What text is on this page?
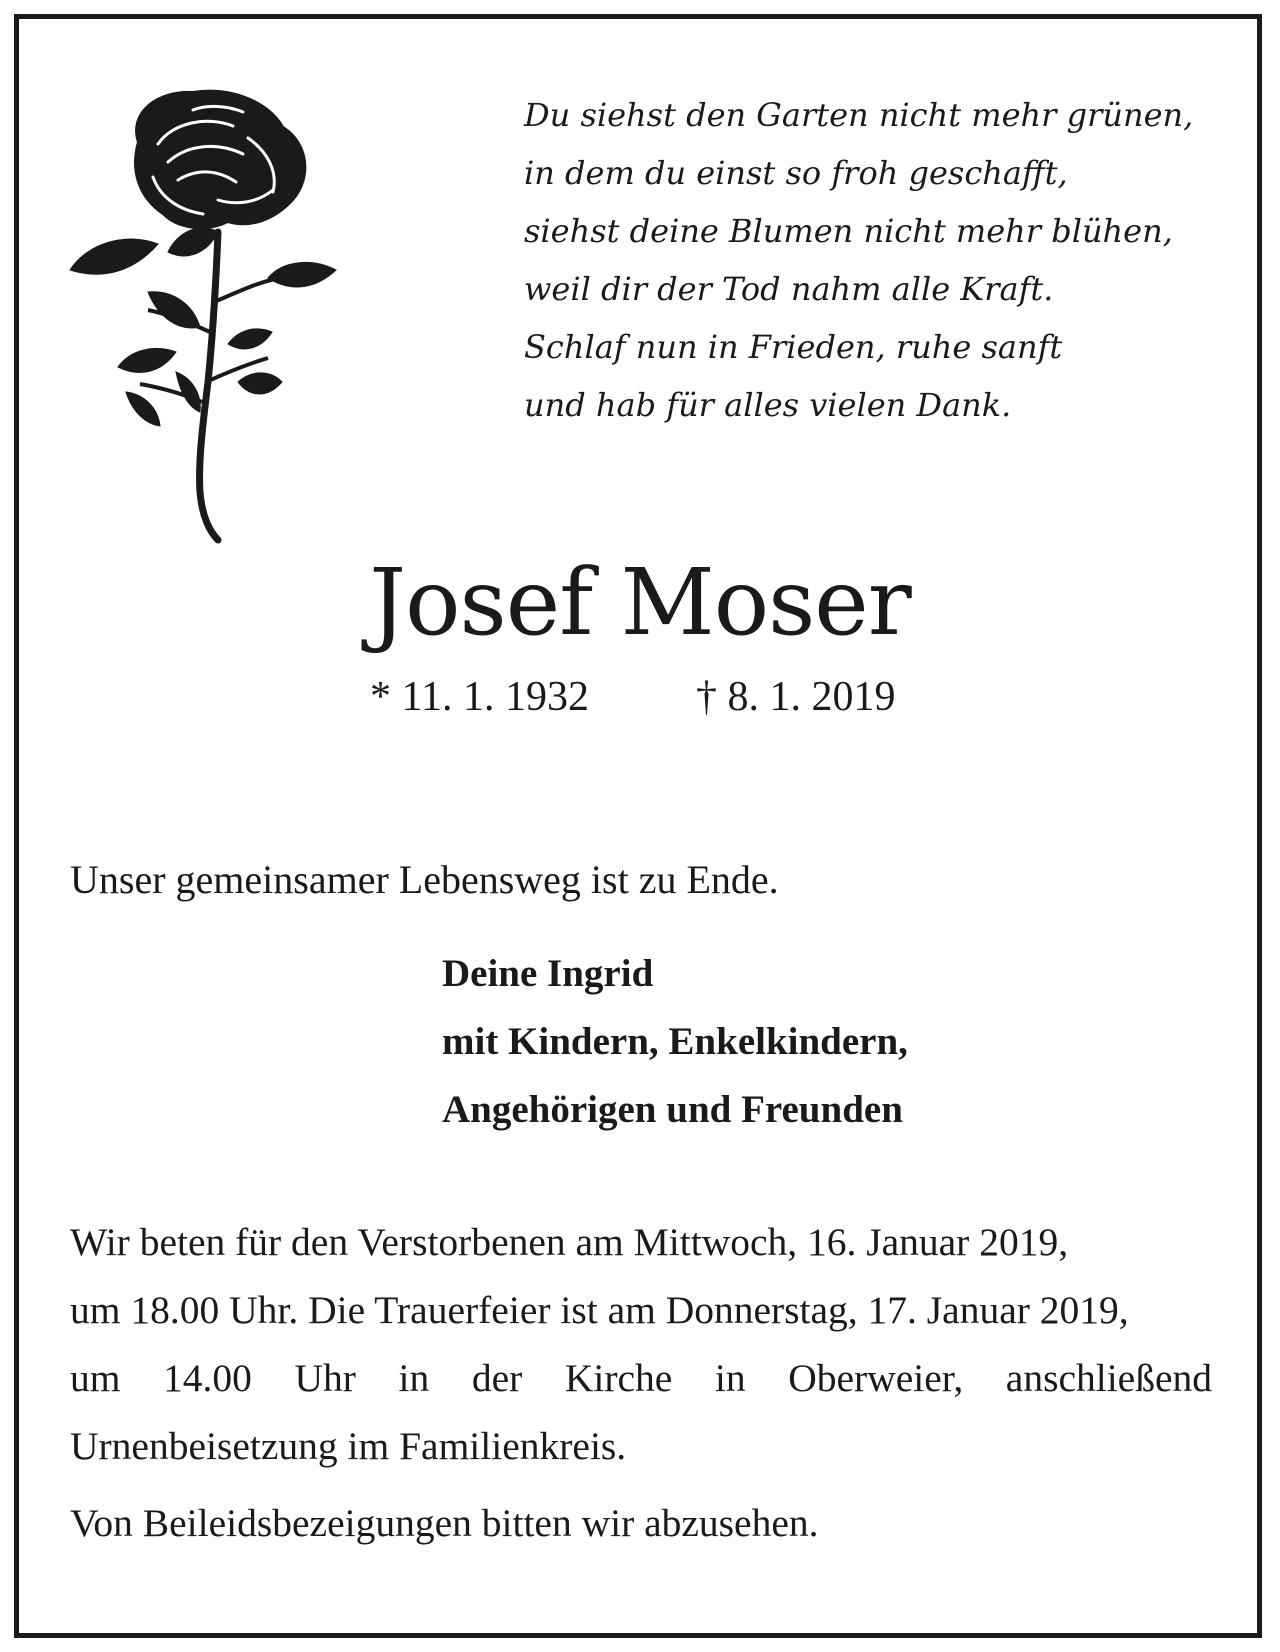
Du siehst den Garten nicht mehr grünen,
in dem du einst so froh geschafft,
siehst deine Blumen nicht mehr blühen,
weil dir der Tod nahm alle Kraft.
Schlaf nun in Frieden, ruhe sanft
und hab für alles vielen Dank.
Josef Moser
* 11. 1. 1932	† 8. 1. 2019
Unser gemeinsamer Lebensweg ist zu Ende.
Deine Ingrid
mit Kindern, Enkelkindern,
Angehörigen und Freunden
Wir beten für den Verstorbenen am Mittwoch, 16. Januar 2019,
um 18.00 Uhr. Die Trauerfeier ist am Donnerstag, 17. Januar 2019,
um 14.00 Uhr in der Kirche in Oberweier, anschließend
Urnenbeisetzung im Familienkreis.
Von Beileidsbezeigungen bitten wir abzusehen.
